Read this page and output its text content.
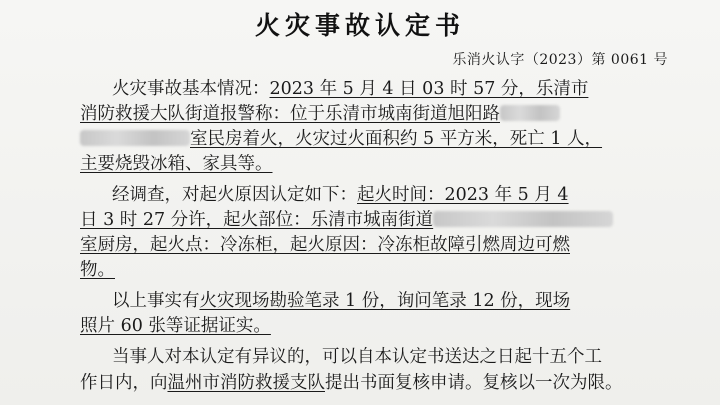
火灾事故认定书
乐消火认字（2023）第 0061 号
火灾事故基本情况：2023 年 5 月 4 日 03 时 57 分，乐清市
消防救援大队街道报警称：位于乐清市城南街道旭阳路
室民房着火，火灾过火面积约 5 平方米，死亡 1 人，
主要烧毁冰箱、家具等。
经调查，对起火原因认定如下：起火时间：2023 年 5 月 4
日 3 时 27 分许，起火部位：乐清市城南街道
室厨房，起火点：冷冻柜，起火原因：冷冻柜故障引燃周边可燃
物。
以上事实有火灾现场勘验笔录 1 份，询问笔录 12 份，现场
照片 60 张等证据证实。
当事人对本认定有异议的，可以自本认定书送达之日起十五个工
作日内，向温州市消防救援支队提出书面复核申请。复核以一次为限。
